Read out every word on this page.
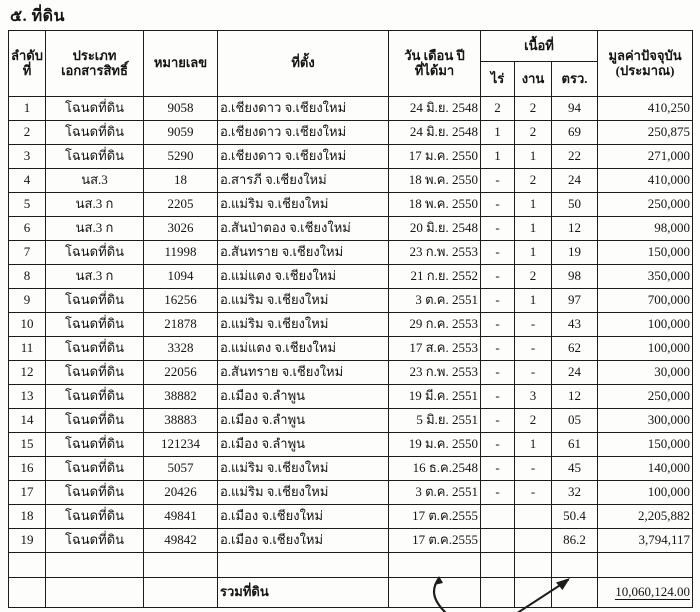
๕. ที่ดิน
ลำดับ
ที่

ประเภท
เอกสารสิทธิ์	หมายเลข	ที่ตั้ง	วัน เดือน ปี
ที่ได้มา
	เนื้อที่	
มูลค่าปัจจุบัน
(ประมาณ)

					ไร่	งาน	ตรว.	
1	โฉนดที่ดิน	9058	อ.เชียงดาว จ.เชียงใหม่	24 มิ.ย. 2548	2	2	94	410,250
2	โฉนดที่ดิน	9059	อ.เชียงดาว จ.เชียงใหม่	24 มิ.ย. 2548	1	2	69	250,875
3	โฉนดที่ดิน	5290	อ.เชียงดาว จ.เชียงใหม่	17 ม.ค. 2550	1	1	22	271,000
4	นส.3	18	อ.สารภี จ.เชียงใหม่	18 พ.ค. 2550	-	2	24	410,000
5	นส.3 ก	2205	อ.แม่ริม จ.เชียงใหม่	18 พ.ค. 2550	-	1	50	250,000
6	นส.3 ก	3026	อ.สันป่าตอง จ.เชียงใหม่	20 มิ.ย. 2548	-	1	12	98,000
7	โฉนดที่ดิน	11998	อ.สันทราย จ.เชียงใหม่	23 ก.พ. 2553	-	1	19	150,000
8	นส.3 ก	1094	อ.แม่แตง จ.เชียงใหม่	21 ก.ย. 2552	-	2	98	350,000
9	โฉนดที่ดิน	16256	อ.แม่ริม จ.เชียงใหม่	3 ต.ค. 2551	-	1	97	700,000
10	โฉนดที่ดิน	21878	อ.แม่ริม จ.เชียงใหม่	29 ก.ค. 2553	-	-	43	100,000
11	โฉนดที่ดิน	3328	อ.แม่แตง จ.เชียงใหม่	17 ส.ค. 2553	-	-	62	100,000
12	โฉนดที่ดิน	22056	อ.สันทราย จ.เชียงใหม่	23 ก.พ. 2553	-	-	24	30,000
13	โฉนดที่ดิน	38882	อ.เมือง จ.ลำพูน	19 มี.ค. 2551	-	3	12	250,000
14	โฉนดที่ดิน	38883	อ.เมือง จ.ลำพูน	5 มิ.ย. 2551	-	2	05	300,000
15	โฉนดที่ดิน	121234	อ.เมือง จ.ลำพูน	19 ม.ค. 2550	-	1	61	150,000
16	โฉนดที่ดิน	5057	อ.แม่ริม จ.เชียงใหม่	16 ธ.ค.2548	-	-	45	140,000
17	โฉนดที่ดิน	20426	อ.แม่ริม จ.เชียงใหม่	3 ต.ค. 2551	-	-	32	100,000
18	โฉนดที่ดิน	49841	อ.เมือง จ.เชียงใหม่	17 ต.ค.2555			50.4	2,205,882
19	โฉนดที่ดิน	49842	อ.เมือง จ.เชียงใหม่	17 ต.ค.2555			86.2	3,794,117

			รวมที่ดิน					10,060,124.00
